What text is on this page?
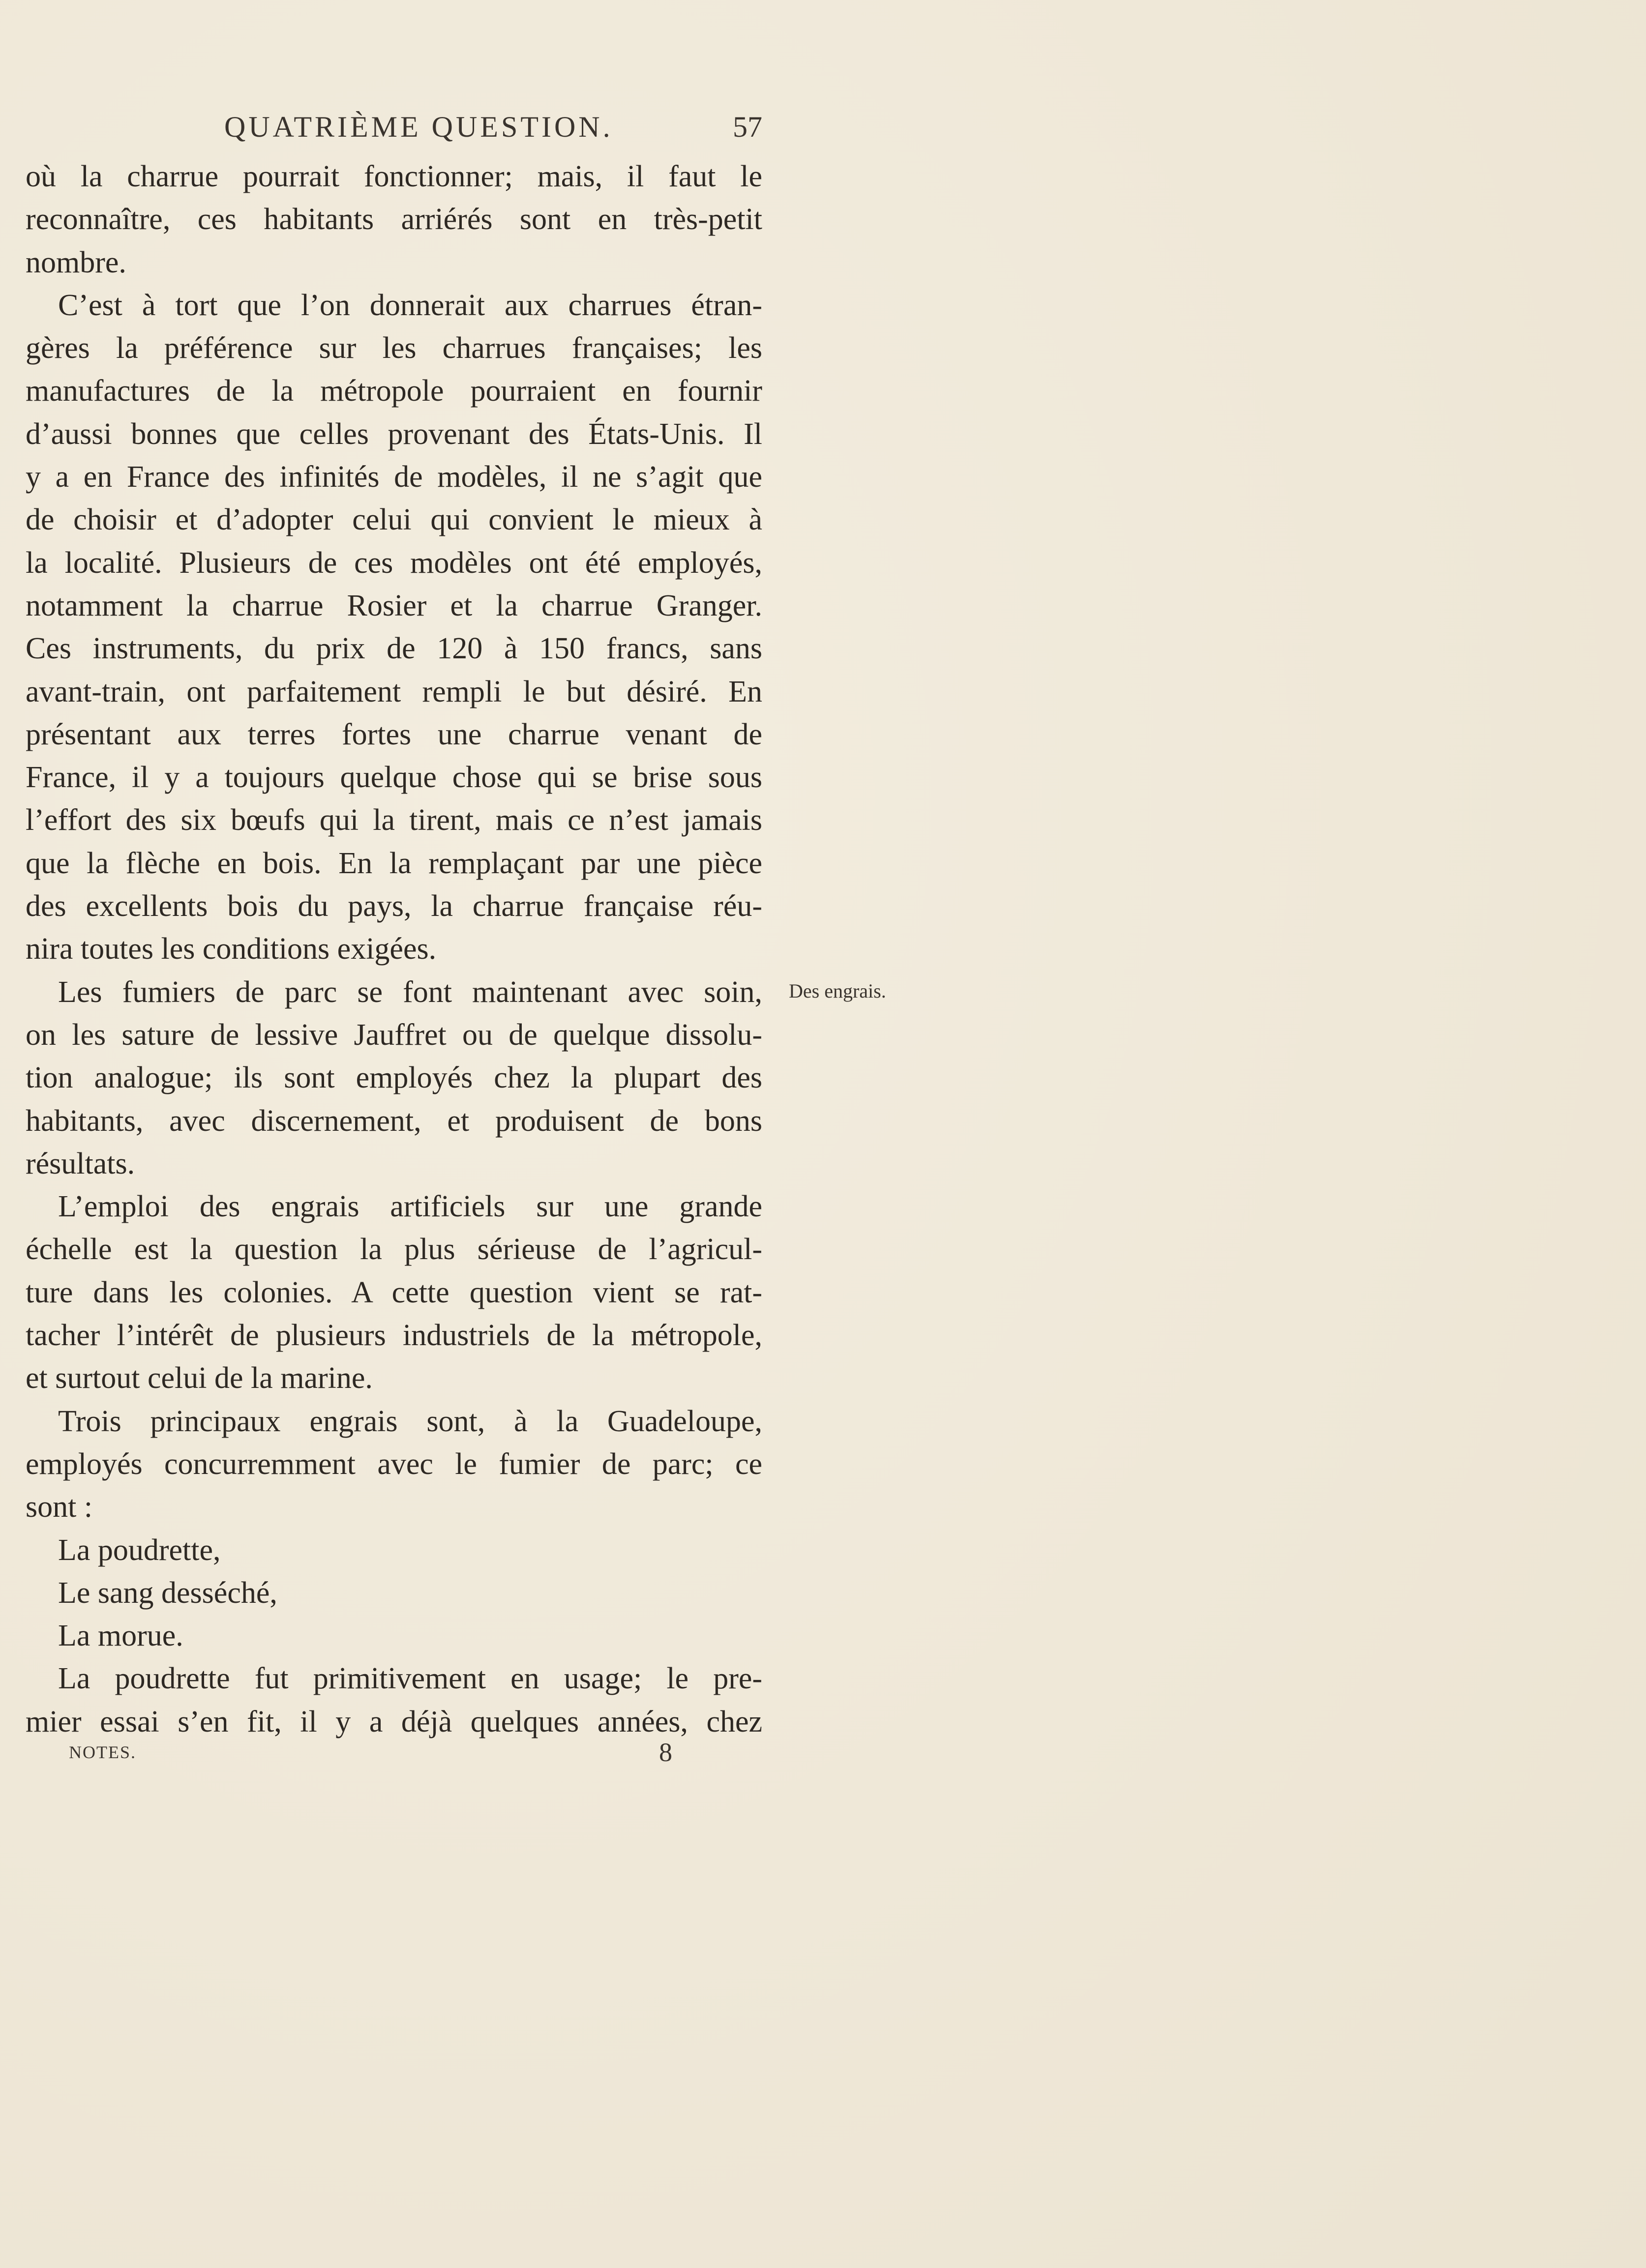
QUATRIÈME QUESTION.	57
où la charrue pourrait fonctionner; mais, il faut le
reconnaître, ces habitants arriérés sont en très-petit
nombre.
C’est à tort que l’on donnerait aux charrues étran-
gères la préférence sur les charrues françaises; les
manufactures de la métropole pourraient en fournir
d’aussi bonnes que celles provenant des États-Unis. Il
y a en France des infinités de modèles, il ne s’agit que
de choisir et d’adopter celui qui convient le mieux à
la localité. Plusieurs de ces modèles ont été employés,
notamment la charrue Rosier et la charrue Granger.
Ces instruments, du prix de 120 à 150 francs, sans
avant-train, ont parfaitement rempli le but désiré. En
présentant aux terres fortes une charrue venant de
France, il y a toujours quelque chose qui se brise sous
l’effort des six bœufs qui la tirent, mais ce n’est jamais
que la flèche en bois. En la remplaçant par une pièce
des excellents bois du pays, la charrue française réu-
nira toutes les conditions exigées.
Les fumiers de parc se font maintenant avec soin,
on les sature de lessive Jauffret ou de quelque dissolu-
tion analogue; ils sont employés chez la plupart des
habitants, avec discernement, et produisent de bons
résultats.
L’emploi des engrais artificiels sur une grande
échelle est la question la plus sérieuse de l’agricul-
ture dans les colonies. A cette question vient se rat-
tacher l’intérêt de plusieurs industriels de la métropole,
et surtout celui de la marine.
Trois principaux engrais sont, à la Guadeloupe,
employés concurremment avec le fumier de parc; ce
sont :
La poudrette,
Le sang desséché,
La morue.
La poudrette fut primitivement en usage; le pre-
mier essai s’en fit, il y a déjà quelques années, chez
Des engrais.
NOTES.	8
